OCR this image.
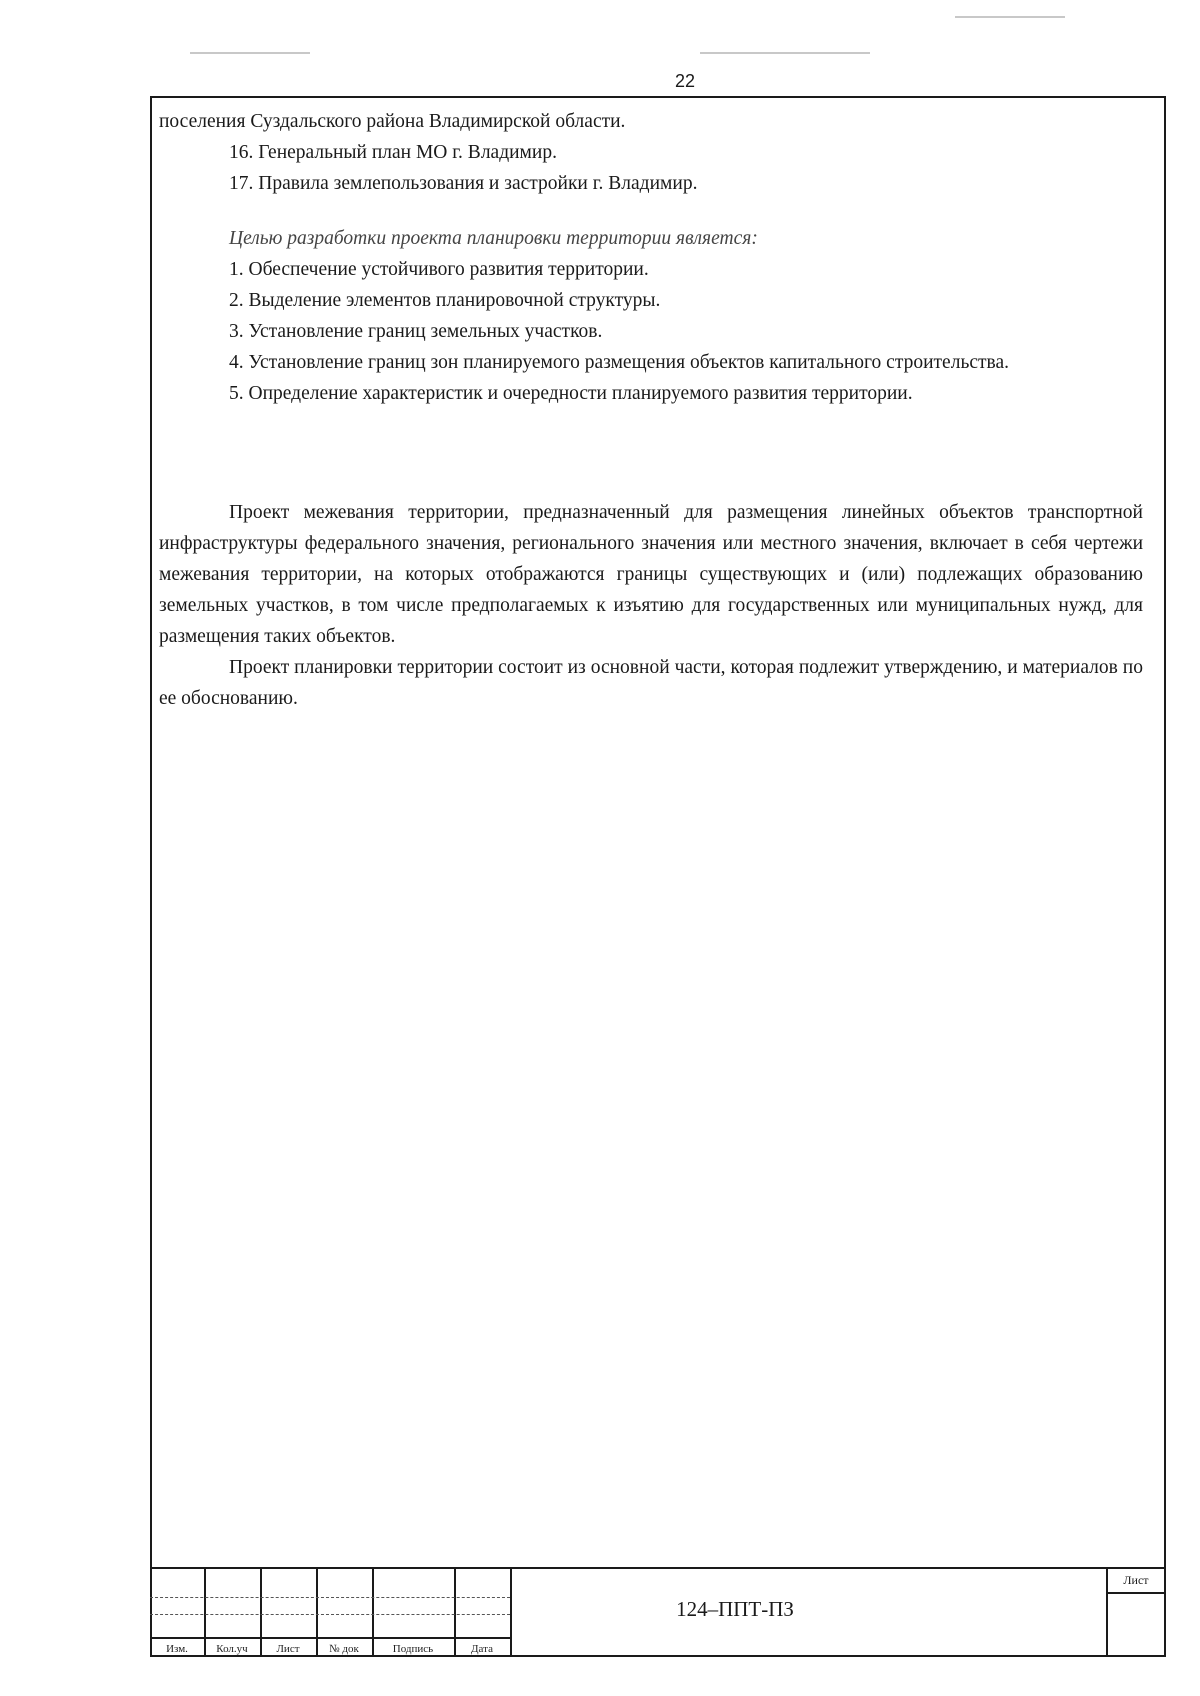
22

поселения Суздальского района Владимирской области.

16. Генеральный план МО г. Владимир.

17. Правила землепользования и застройки г. Владимир.

Целью разработки проекта планировки территории является:

1. Обеспечение устойчивого развития территории.

2. Выделение элементов планировочной структуры.

3. Установление границ земельных участков.

4. Установление границ зон планируемого размещения объектов капитального строительства.

5. Определение характеристик и очередности планируемого развития территории.

Проект межевания территории, предназначенный для размещения линейных объектов транспортной инфраструктуры федерального значения, регионального значения или местного значения, включает в себя чертежи межевания территории, на которых отображаются границы существующих и (или) подлежащих образованию земельных участков, в том числе предполагаемых к изъятию для государственных или муниципальных нужд, для размещения таких объектов.

Проект планировки территории состоит из основной части, которая подлежит утверждению, и материалов по ее обоснованию.

Изм.	Кол.уч	Лист	№ док	Подпись	Дата
124–ППТ-ПЗ
Лист
